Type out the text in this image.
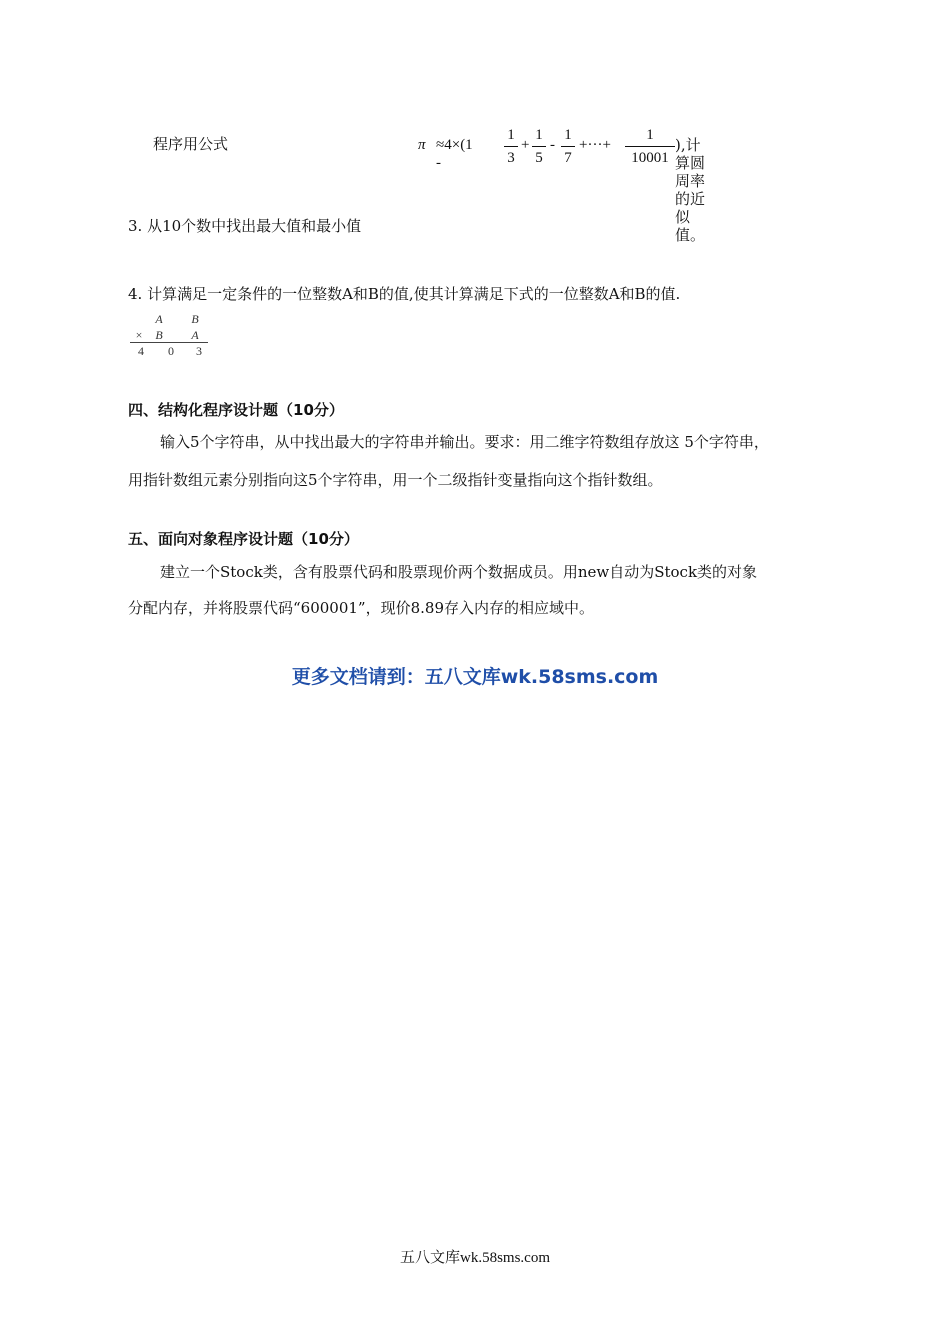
程序用公式	π ≈4×(1 -
1
3
+
1
5
-
1
7
+···+
1
10001
),计算圆周率的近似值。
3. 从10个数中找出最大值和最小值
4. 计算满足一定条件的一位整数A和B的值,使其计算满足下式的一位整数A和B的值.
A B
×	B A
4	0	3
四、结构化程序设计题（10分）
输入5个字符串，从中找出最大的字符串并输出。要求：用二维字符数组存放这 5个字符串，
用指针数组元素分别指向这5个字符串，用一个二级指针变量指向这个指针数组。
五、面向对象程序设计题（10分）
建立一个Stock类，含有股票代码和股票现价两个数据成员。用new自动为Stock类的对象
分配内存，并将股票代码“600001”，现价8.89存入内存的相应域中。
更多文档请到：五八文库wk.58sms.com
五八文库wk.58sms.com
